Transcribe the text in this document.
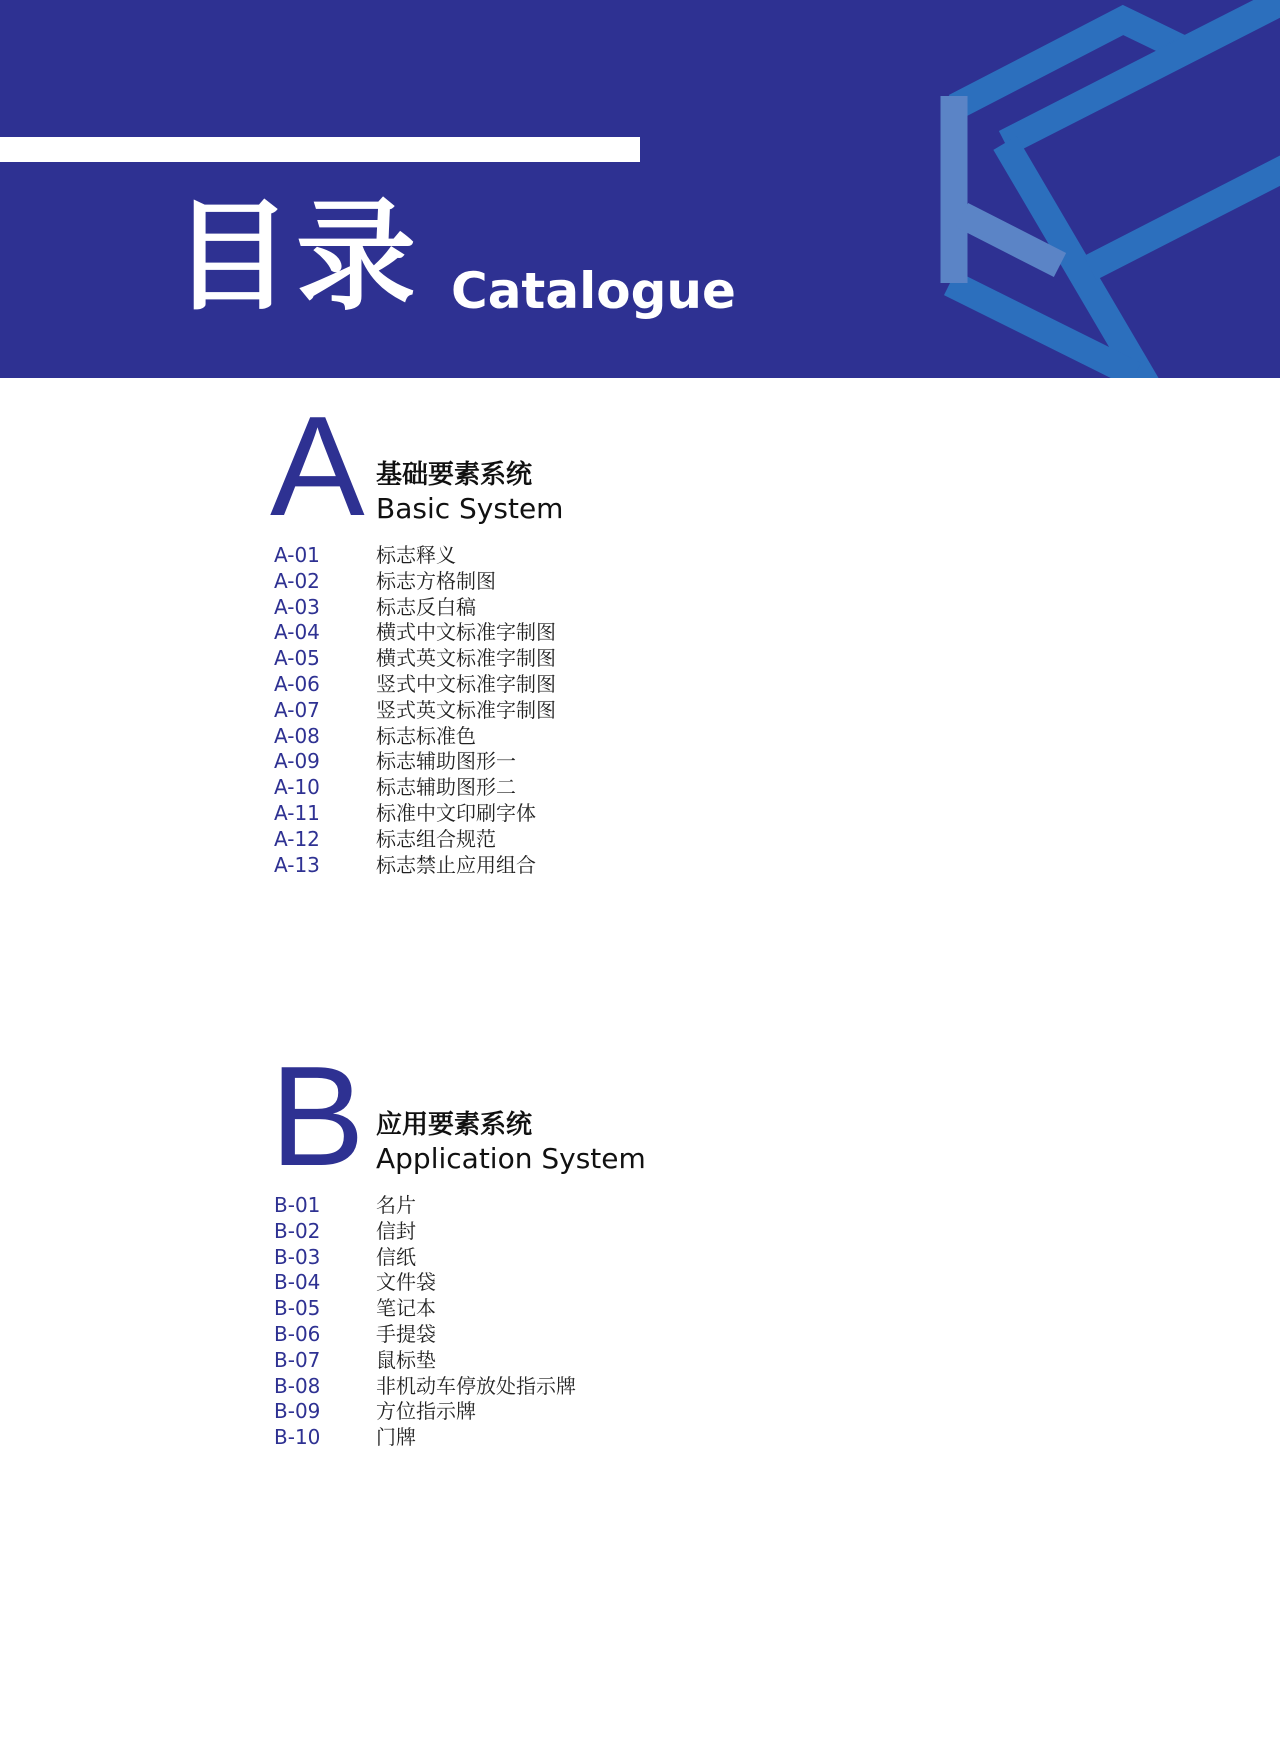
目录 Catalogue
A 基础要素系统
Basic System
A-01	标志释义
A-02	标志方格制图
A-03	标志反白稿
A-04	横式中文标准字制图
A-05	横式英文标准字制图
A-06	竖式中文标准字制图
A-07	竖式英文标准字制图
A-08	标志标准色
A-09	标志辅助图形一
A-10	标志辅助图形二
A-11	标准中文印刷字体
A-12	标志组合规范
A-13	标志禁止应用组合
B 应用要素系统
Application System
B-01	名片
B-02	信封
B-03	信纸
B-04	文件袋
B-05	笔记本
B-06	手提袋
B-07	鼠标垫
B-08	非机动车停放处指示牌
B-09	方位指示牌
B-10	门牌
